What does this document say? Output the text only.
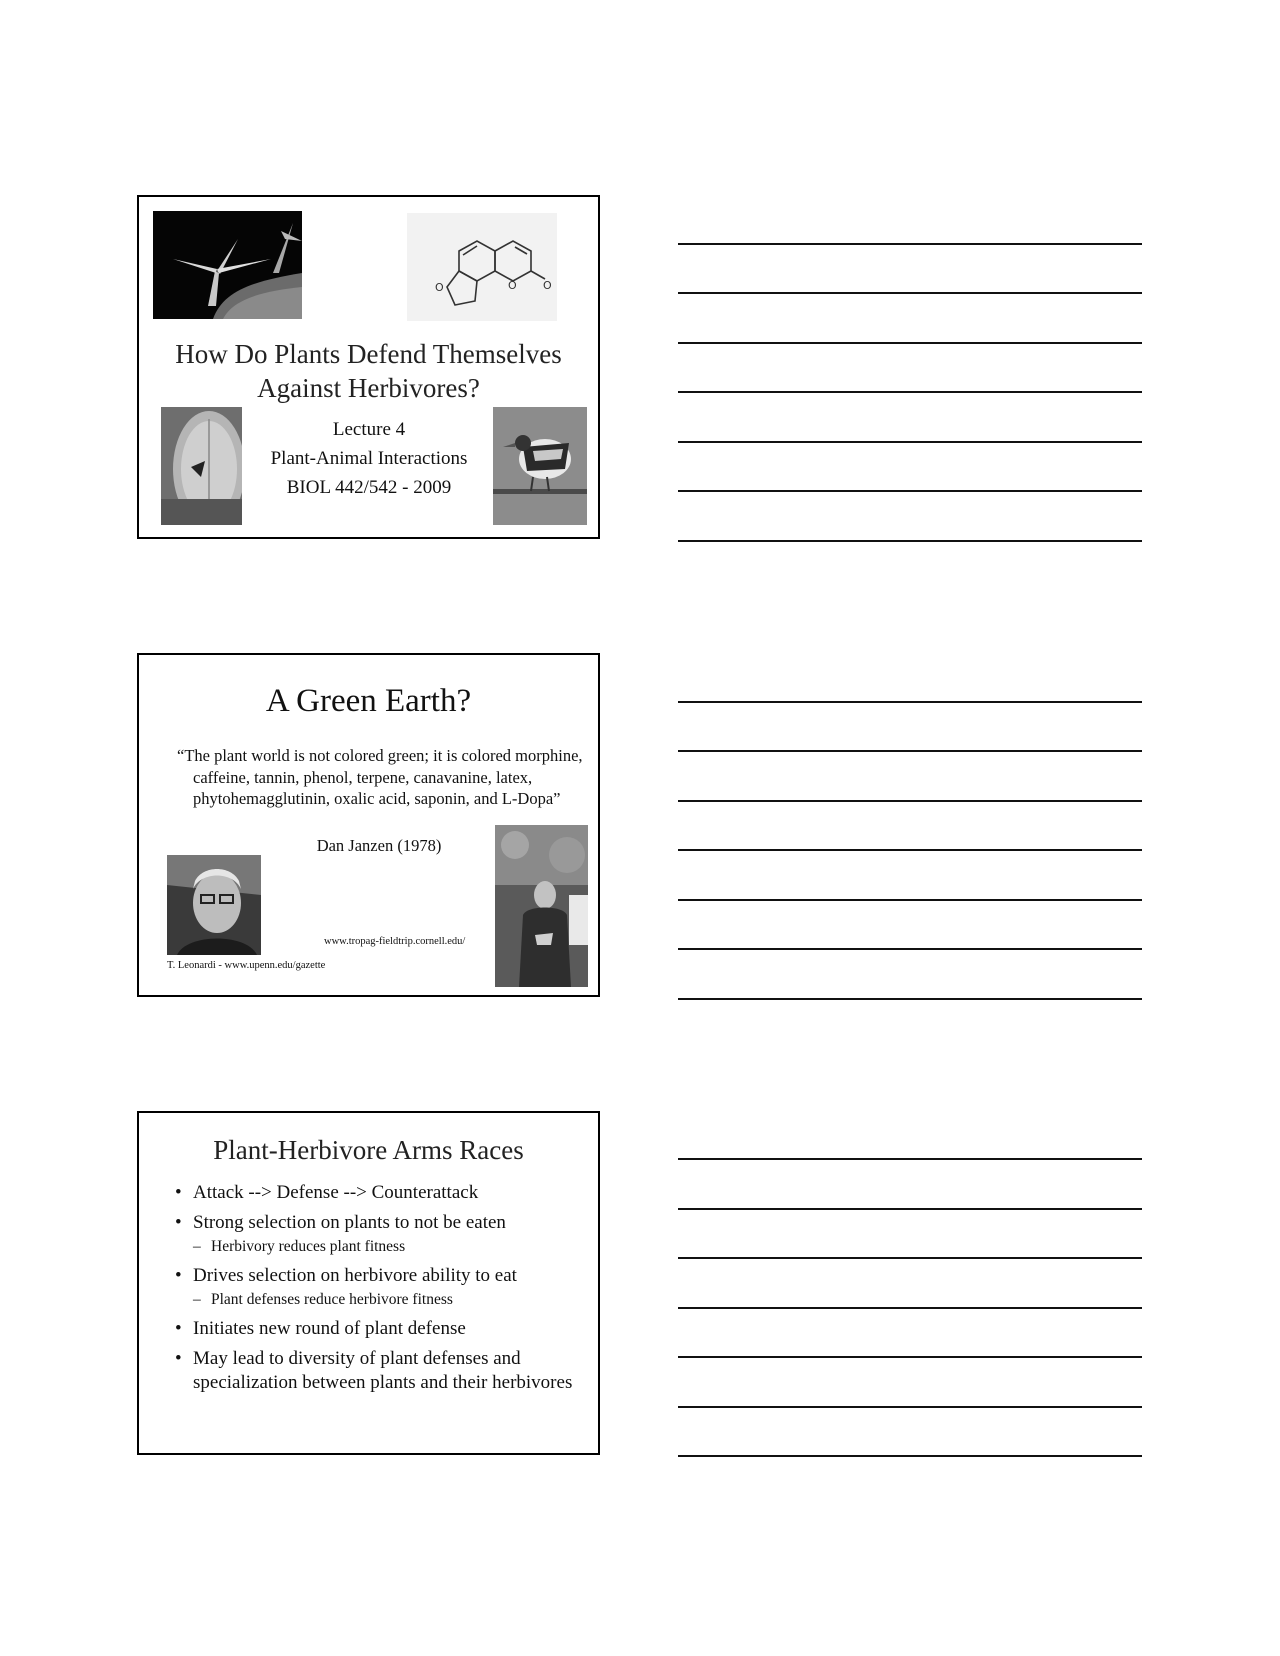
O	O O
How Do Plants Defend Themselves Against Herbivores?
Lecture 4
Plant-Animal Interactions
BIOL 442/542 - 2009
A Green Earth?
“The plant world is not colored green; it is colored morphine, caffeine, tannin, phenol, terpene, canavanine, latex, phytohemagglutinin, oxalic acid, saponin, and L-Dopa”
Dan Janzen (1978)
www.tropag-fieldtrip.cornell.edu/
T. Leonardi - www.upenn.edu/gazette
Plant-Herbivore Arms Races
• Attack --> Defense --> Counterattack
• Strong selection on plants to not be eaten
– Herbivory reduces plant fitness
• Drives selection on herbivore ability to eat
– Plant defenses reduce herbivore fitness
• Initiates new round of plant defense
• May lead to diversity of plant defenses and specialization between plants and their herbivores
